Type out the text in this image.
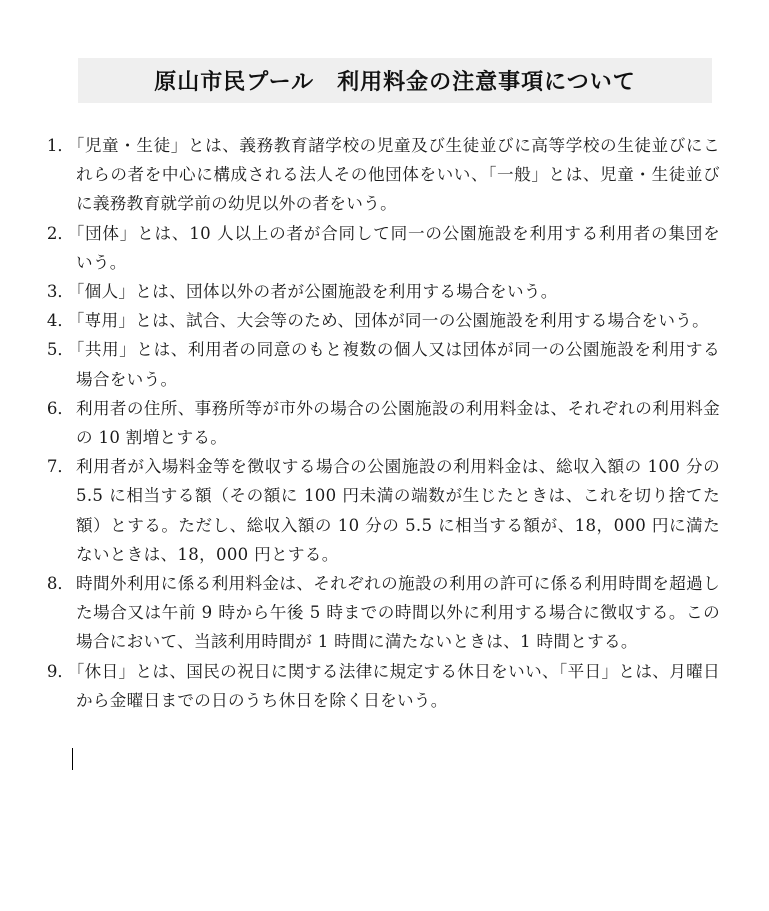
原山市民プール　利用料金の注意事項について
1．
「児童・生徒」とは、義務教育諸学校の児童及び生徒並びに高等学校の生徒並びにこれらの者を中心に構成される法人その他団体をいい、「一般」とは、児童・生徒並びに義務教育就学前の幼児以外の者をいう。
2．
「団体」とは、10 人以上の者が合同して同一の公園施設を利用する利用者の集団をいう。
3．
「個人」とは、団体以外の者が公園施設を利用する場合をいう。
4．
「専用」とは、試合、大会等のため、団体が同一の公園施設を利用する場合をいう。
5．
「共用」とは、利用者の同意のもと複数の個人又は団体が同一の公園施設を利用する場合をいう。
6． 利用者の住所、事務所等が市外の場合の公園施設の利用料金は、それぞれの利用料金の 10 割増とする。
7． 利用者が入場料金等を徴収する場合の公園施設の利用料金は、総収入額の 100 分の 5.5 に相当する額（その額に 100 円未満の端数が生じたときは、これを切り捨てた額）とする。ただし、総収入額の 10 分の 5.5 に相当する額が、18，000 円に満たないときは、18，000 円とする。
8． 時間外利用に係る利用料金は、それぞれの施設の利用の許可に係る利用時間を超過した場合又は午前 9 時から午後 5 時までの時間以外に利用する場合に徴収する。この場合において、当該利用時間が 1 時間に満たないときは、1 時間とする。
9．
「休日」とは、国民の祝日に関する法律に規定する休日をいい、「平日」とは、月曜日から金曜日までの日のうち休日を除く日をいう。
